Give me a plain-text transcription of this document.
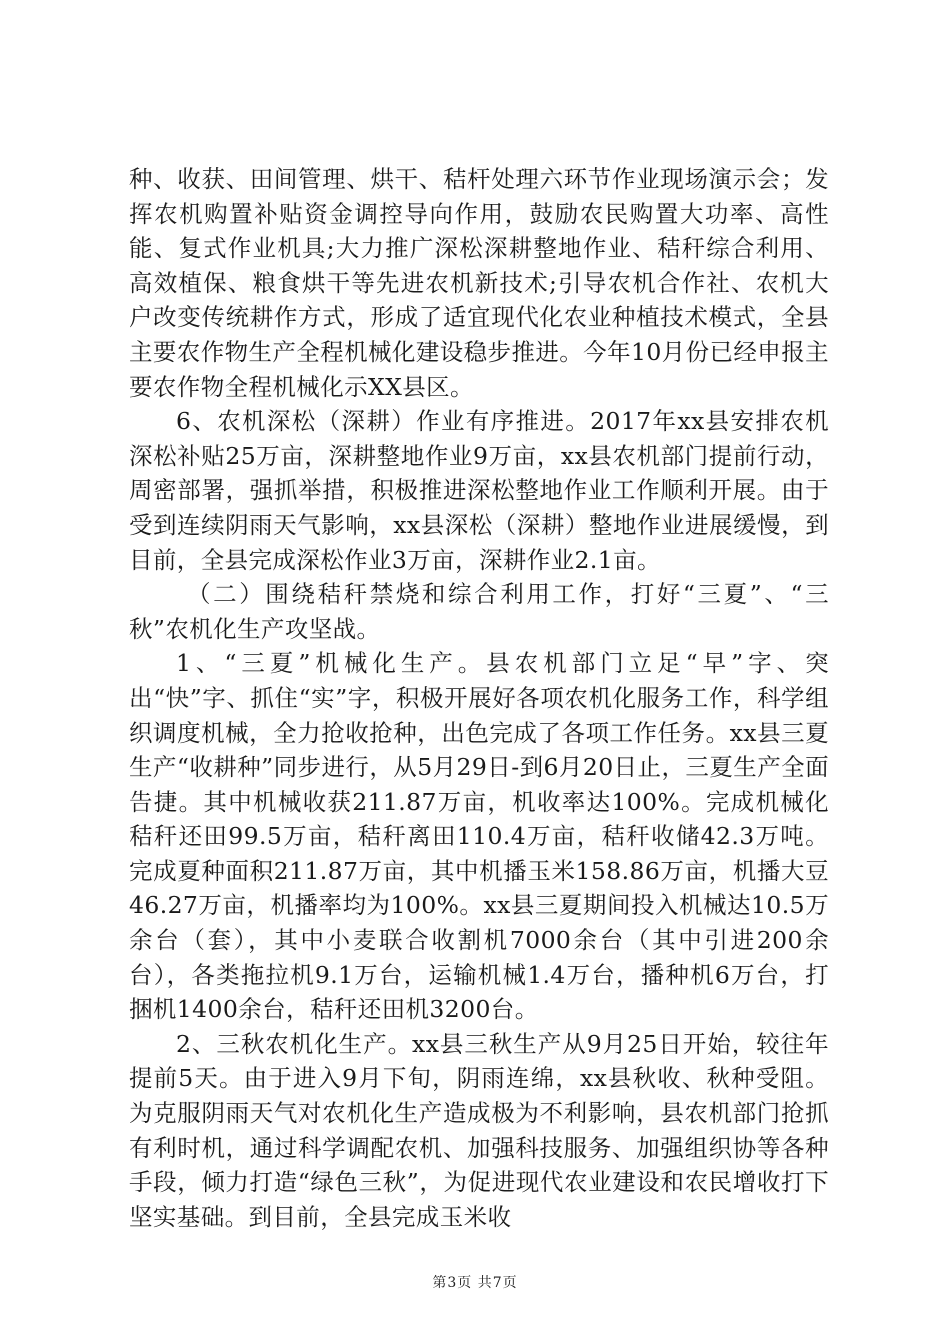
种、收获、田间管理、烘干、秸杆处理六环节作业现场演示会；发挥农机购置补贴资金调控导向作用，鼓励农民购置大功率、高性能、复式作业机具;大力推广深松深耕整地作业、秸秆综合利用、高效植保、粮食烘干等先进农机新技术;引导农机合作社、农机大户改变传统耕作方式，形成了适宜现代化农业种植技术模式，全县主要农作物生产全程机械化建设稳步推进。今年10月份已经申报主要农作物全程机械化示XX县区。

6、农机深松（深耕）作业有序推进。2017年xx县安排农机深松补贴25万亩，深耕整地作业9万亩，xx县农机部门提前行动，周密部署，强抓举措，积极推进深松整地作业工作顺利开展。由于受到连续阴雨天气影响，xx县深松（深耕）整地作业进展缓慢，到目前，全县完成深松作业3万亩，深耕作业2.1亩。

（二）围绕秸秆禁烧和综合利用工作，打好“三夏”、“三秋”农机化生产攻坚战。

1、“三夏”机械化生产。县农机部门立足“早”字、突出“快”字、抓住“实”字，积极开展好各项农机化服务工作，科学组织调度机械，全力抢收抢种，出色完成了各项工作任务。xx县三夏生产“收耕种”同步进行，从5月29日-到6月20日止，三夏生产全面告捷。其中机械收获211.87万亩，机收率达100%。完成机械化秸秆还田99.5万亩，秸秆离田110.4万亩，秸秆收储42.3万吨。完成夏种面积211.87万亩，其中机播玉米158.86万亩，机播大豆46.27万亩，机播率均为100%。xx县三夏期间投入机械达10.5万余台（套），其中小麦联合收割机7000余台（其中引进200余台），各类拖拉机9.1万台，运输机械1.4万台，播种机6万台，打捆机1400余台，秸秆还田机3200台。

2、三秋农机化生产。xx县三秋生产从9月25日开始，较往年提前5天。由于进入9月下旬，阴雨连绵，xx县秋收、秋种受阻。为克服阴雨天气对农机化生产造成极为不利影响，县农机部门抢抓有利时机，通过科学调配农机、加强科技服务、加强组织协等各种手段，倾力打造“绿色三秋”，为促进现代农业建设和农民增收打下坚实基础。到目前，全县完成玉米收

第3页 共7页
